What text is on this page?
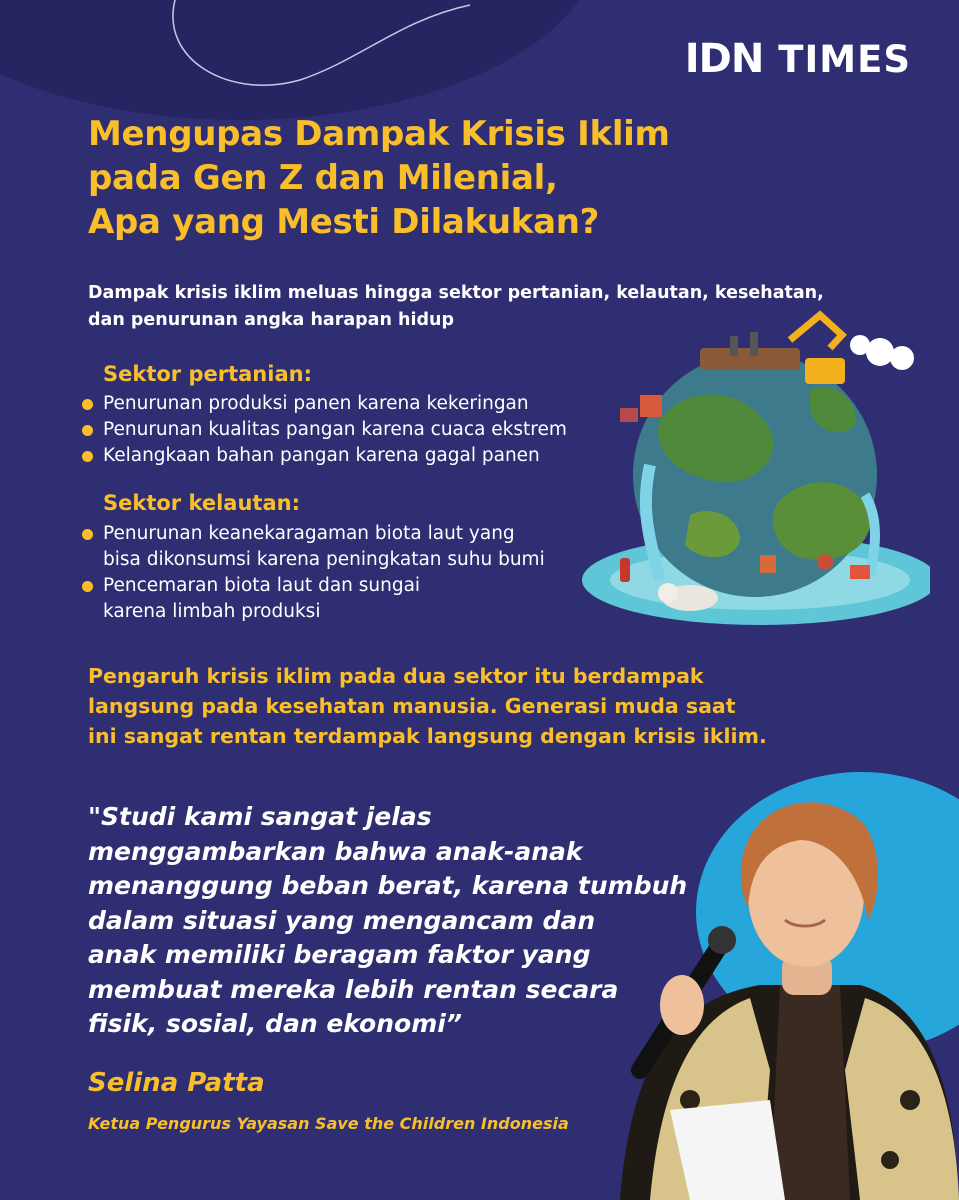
IDN TIMES
Mengupas Dampak Krisis Iklim
pada Gen Z dan Milenial,
Apa yang Mesti Dilakukan?
Dampak krisis iklim meluas hingga sektor pertanian, kelautan, kesehatan,
dan penurunan angka harapan hidup
Sektor pertanian:
Penurunan produksi panen karena kekeringan
Penurunan kualitas pangan karena cuaca ekstrem
Kelangkaan bahan pangan karena gagal panen
Sektor kelautan:
Penurunan keanekaragaman biota laut yang
bisa dikonsumsi karena peningkatan suhu bumi
Pencemaran biota laut dan sungai
karena limbah produksi
Pengaruh krisis iklim pada dua sektor itu berdampak
langsung pada kesehatan manusia. Generasi muda saat
ini sangat rentan terdampak langsung dengan krisis iklim.
"Studi kami sangat jelas
menggambarkan bahwa anak-anak
menanggung beban berat, karena tumbuh
dalam situasi yang mengancam dan
anak memiliki beragam faktor yang
membuat mereka lebih rentan secara
fisik, sosial, dan ekonomi”
Selina Patta
Ketua Pengurus Yayasan Save the Children Indonesia
